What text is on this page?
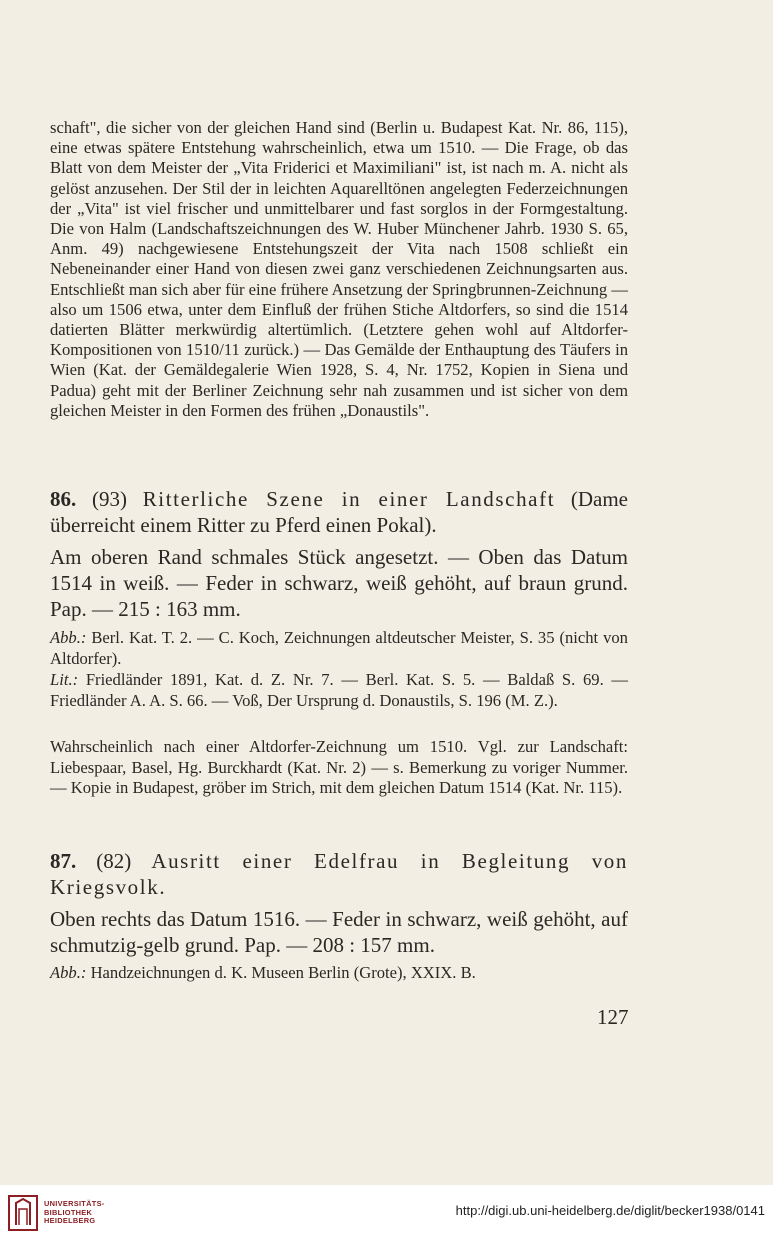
schaft", die sicher von der gleichen Hand sind (Berlin u. Budapest Kat. Nr. 86, 115), eine etwas spätere Entstehung wahrscheinlich, etwa um 1510. — Die Frage, ob das Blatt von dem Meister der „Vita Friderici et Maximiliani" ist, ist nach m. A. nicht als gelöst anzusehen. Der Stil der in leichten Aquarelltönen angelegten Federzeichnungen der „Vita" ist viel frischer und unmittelbarer und fast sorglos in der Formgestaltung. Die von Halm (Landschaftszeichnungen des W. Huber Münchener Jahrb. 1930 S. 65, Anm. 49) nachgewiesene Entstehungszeit der Vita nach 1508 schließt ein Nebeneinander einer Hand von diesen zwei ganz verschiedenen Zeichnungsarten aus. Entschließt man sich aber für eine frühere Ansetzung der Springbrunnen-Zeichnung — also um 1506 etwa, unter dem Einfluß der frühen Stiche Altdorfers, so sind die 1514 datierten Blätter merkwürdig altertümlich. (Letztere gehen wohl auf Altdorfer-Kompositionen von 1510/11 zurück.) — Das Gemälde der Enthauptung des Täufers in Wien (Kat. der Gemäldegalerie Wien 1928, S. 4, Nr. 1752, Kopien in Siena und Padua) geht mit der Berliner Zeichnung sehr nah zusammen und ist sicher von dem gleichen Meister in den Formen des frühen „Donaustils".

86. (93) Ritterliche Szene in einer Landschaft (Dame überreicht einem Ritter zu Pferd einen Pokal).
Am oberen Rand schmales Stück angesetzt. — Oben das Datum 1514 in weiß. — Feder in schwarz, weiß gehöht, auf braun grund. Pap. — 215 : 163 mm.
Abb.: Berl. Kat. T. 2. — C. Koch, Zeichnungen altdeutscher Meister, S. 35 (nicht von Altdorfer).
Lit.: Friedländer 1891, Kat. d. Z. Nr. 7. — Berl. Kat. S. 5. — Baldaß S. 69. — Friedländer A. A. S. 66. — Voß, Der Ursprung d. Donaustils, S. 196 (M. Z.).
Wahrscheinlich nach einer Altdorfer-Zeichnung um 1510. Vgl. zur Landschaft: Liebespaar, Basel, Hg. Burckhardt (Kat. Nr. 2) — s. Bemerkung zu voriger Nummer. — Kopie in Budapest, gröber im Strich, mit dem gleichen Datum 1514 (Kat. Nr. 115).
87. (82) Ausritt einer Edelfrau in Begleitung von Kriegsvolk.
Oben rechts das Datum 1516. — Feder in schwarz, weiß gehöht, auf schmutzig-gelb grund. Pap. — 208 : 157 mm.
Abb.: Handzeichnungen d. K. Museen Berlin (Grote), XXIX. B.
127
UNIVERSITÄTS-
BIBLIOTHEK
HEIDELBERG
http://digi.ub.uni-heidelberg.de/diglit/becker1938/0141
